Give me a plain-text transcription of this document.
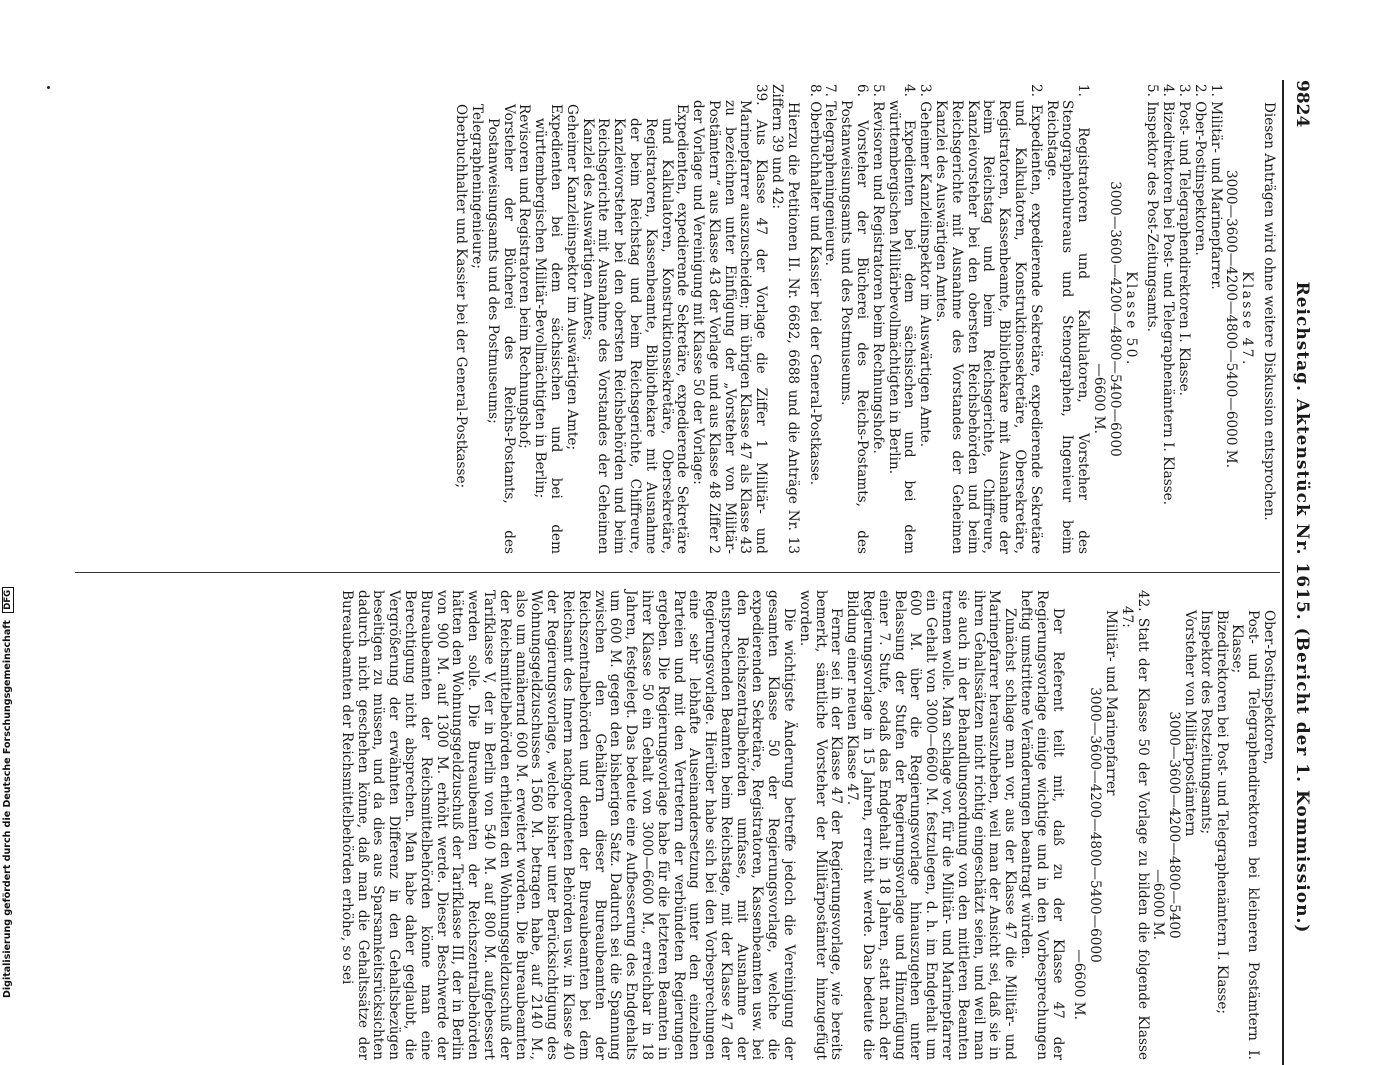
9824
Reichstag. Aktenstück Nr. 1615. (Bericht der 1. Kommission.)

Diesen Anträgen wird ohne weitere Diskussion entsprochen.

Klasse 47.

3000—3600—4200—4800—5400—6000 M.

1. Militär- und Marinepfarrer.

2. Ober-Postinspektoren.

3. Post- und Telegraphendirektoren I. Klasse.

4. Bizedirektoren bei Post- und Telegraphenämtern I. Klasse.

5. Inspektor des Post-Zeitungsamts.

Klasse 50.

3000—3600—4200—4800—5400—6000

—6600 M.

1. Registratoren und Kalkulatoren, Vorsteher des Stenographenbureaus und Stenographen, Ingenieur beim Reichstage.

2. Expedienten, expedierende Sekretäre, expedierende Sekretäre und Kalkulatoren, Konstruktionssekretäre, Obersekretäre, Registratoren, Kassenbeamte, Bibliothekare mit Ausnahme der beim Reichstag und beim Reichsgerichte, Chiffreure, Kanzleivorsteher bei den obersten Reichsbehörden und beim Reichsgerichte mit Ausnahme des Vorstandes der Geheimen Kanzlei des Auswärtigen Amtes.

3. Geheimer Kanzleiinspektor im Auswärtigen Amte.

4. Expedienten bei dem sächsischen und bei dem württembergischen Militärbevollmächtigten in Berlin.

5. Revisoren und Registratoren beim Rechnungshofe.

6. Vorsteher der Bücherei des Reichs-Postamts, des Postanweisungsamts und des Postmuseums.

7. Telegrapheningenieure.

8. Oberbuchhalter und Kassier bei der General-Postkasse.

Hierzu die Petitionen II. Nr. 6682, 6688 und die Anträge Nr. 13 Ziffern 39 und 42:

39. Aus Klasse 47 der Vorlage die Ziffer 1 Militär- und Marinepfarrer auszuscheiden; im übrigen Klasse 47 als Klasse 43 zu bezeichnen unter Einfügung der „Vorsteher von Militär-Postämtern“ aus Klasse 43 der Vorlage und aus Klasse 48 Ziffer 2 der Vorlage und Vereinigung mit Klasse 50 der Vorlage:

Expedienten, expedierende Sekretäre, expedierende Sekretäre und Kalkulatoren, Konstruktionssekretäre, Obersekretäre, Registratoren, Kassenbeamte, Bibliothekare mit Ausnahme der beim Reichstag und beim Reichsgerichte, Chiffreure, Kanzleivorsteher bei den obersten Reichsbehörden und beim Reichsgerichte mit Ausnahme des Vorstandes der Geheimen Kanzlei des Auswärtigen Amtes;

Geheimer Kanzleiinspektor im Auswärtigen Amte;

Expedienten bei dem sächsischen und bei dem württembergischen Militär-Bevollmächtigten in Berlin;

Revisoren und Registratoren beim Rechnungshof;

Vorsteher der Bücherei des Reichs-Postamts, des Postanweisungsamts und des Postmuseums;

Telegrapheningenieure;

Oberbuchhalter und Kassier bei der General-Postkasse;

Ober-Postinspektoren,

Post- und Telegraphendirektoren bei kleineren Postämtern I. Klasse;

Bizedirektoren bei Post- und Telegraphenämtern I. Klasse;

Inspektor des Postzeitungsamts;

Vorsteher von Militärpostämtern

3000—3600—4200—4800—5400

—6000 M.

42. Statt der Klasse 50 der Vorlage zu bilden die folgende Klasse 47:

Militär- und Marinepfarrer

3000—3600—4200—4800—5400—6000

—6600 M.

Der Referent teilt mit, daß zu der Klasse 47 der Regierungsvorlage einige wichtige und in den Vorbesprechungen heftig umstrittene Veränderungen beantragt würden.

Zunächst schlage man vor, aus der Klasse 47 die Militär- und Marinepfarrer herauszuheben, weil man der Ansicht sei, daß sie in ihren Gehaltssätzen nicht richtig eingeschätzt seien, und weil man sie auch in der Behandlungsordnung von den mittleren Beamten trennen wolle. Man schlage vor, für die Militär- und Marinepfarrer ein Gehalt von 3000—6600 M. festzulegen, d. h. im Endgehalt um 600 M. über die Regierungsvorlage hinauszugehen unter Belassung der Stufen der Regierungsvorlage und Hinzufügung einer 7. Stufe, sodaß das Endgehalt in 18 Jahren, statt nach der Regierungsvorlage in 15 Jahren, erreicht werde. Das bedeute die Bildung einer neuen Klasse 47.

Ferner sei in der Klasse 47 der Regierungsvorlage, wie bereits bemerkt, sämtliche Vorsteher der Militärpostämter hinzugefügt worden.

Die wichtigste Änderung betreffe jedoch die Vereinigung der gesamten Klasse 50 der Regierungsvorlage, welche die expedierenden Sekretäre, Registratoren, Kassenbeamten usw. bei den Reichszentralbehörden umfasse, mit Ausnahme der entsprechenden Beamten beim Reichstage, mit der Klasse 47 der Regierungsvorlage. Hierüber habe sich bei den Vorbesprechungen eine sehr lebhafte Auseinandersetzung unter den einzelnen Parteien und mit den Vertretern der verbündeten Regierungen ergeben. Die Regierungsvorlage habe für die letzteren Beamten in ihrer Klasse 50 ein Gehalt von 3000—6600 M., erreichbar in 18 Jahren, festgelegt. Das bedeute eine Aufbesserung des Endgehalts um 600 M. gegen den bisherigen Satz. Dadurch sei die Spannung zwischen den Gehältern dieser Bureaubeamten der Reichszentralbehörden und denen der Bureaubeamten bei dem Reichsamt des Innern nachgeordneten Behörden usw. in Klasse 40 der Regierungsvorlage, welche bisher unter Berücksichtigung des Wohnungsgeldzuschusses 1560 M. betragen habe, auf 2140 M., also um annähernd 600 M. erweitert worden. Die Bureaubeamten der Reichsmittelbehörden erhielten den Wohnungsgeldzuschuß der Tarifklasse V, der in Berlin von 540 M. auf 800 M. aufgebessert werden solle. Die Bureaubeamten der Reichszentralbehörden hätten den Wohnungsgeldzuschuß der Tarifklasse III, der in Berlin von 900 M. auf 1300 M. erhöht werde. Dieser Beschwerde der Bureaubeamten der Reichsmittelbehörden könne man eine Berechtigung nicht absprechen. Man habe daher geglaubt, die Vergrößerung der erwähnten Differenz in den Gehaltsbezügen beseitigen zu müssen, und da dies aus Sparsamkeitsrücksichten dadurch nicht geschehen könne, daß man die Gehaltssätze der Bureaubeamten der Reichsmittelbehörden erhöhe, so sei

Digitalisierung gefördert durch die Deutsche Forschungsgemeinschaft DFG
